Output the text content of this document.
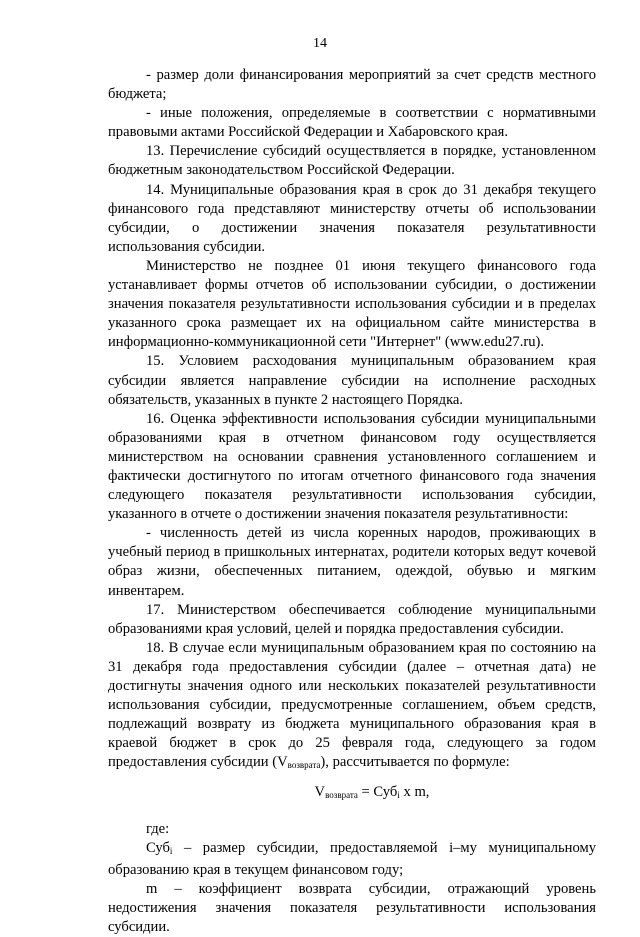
14

- размер доли финансирования мероприятий за счет средств местного бюджета;

- иные положения, определяемые в соответствии с нормативными правовыми актами Российской Федерации и Хабаровского края.

13. Перечисление субсидий осуществляется в порядке, установленном бюджетным законодательством Российской Федерации.

14. Муниципальные образования края в срок до 31 декабря текущего финансового года представляют министерству отчеты об использовании субсидии, о достижении значения показателя результативности использования субсидии.

Министерство не позднее 01 июня текущего финансового года устанавливает формы отчетов об использовании субсидии, о достижении значения показателя результативности использования субсидии и в пределах указанного срока размещает их на официальном сайте министерства в информационно-коммуникационной сети "Интернет" (www.edu27.ru).

15. Условием расходования муниципальным образованием края субсидии является направление субсидии на исполнение расходных обязательств, указанных в пункте 2 настоящего Порядка.

16. Оценка эффективности использования субсидии муниципальными образованиями края в отчетном финансовом году осуществляется министерством на основании сравнения установленного соглашением и фактически достигнутого по итогам отчетного финансового года значения следующего показателя результативности использования субсидии, указанного в отчете о достижении значения показателя результативности:

- численность детей из числа коренных народов, проживающих в учебный период в пришкольных интернатах, родители которых ведут кочевой образ жизни, обеспеченных питанием, одеждой, обувью и мягким инвентарем.

17. Министерством обеспечивается соблюдение муниципальными образованиями края условий, целей и порядка предоставления субсидии.

18. В случае если муниципальным образованием края по состоянию на 31 декабря года предоставления субсидии (далее – отчетная дата) не достигнуты значения одного или нескольких показателей результативности использования субсидии, предусмотренные соглашением, объем средств, подлежащий возврату из бюджета муниципального образования края в краевой бюджет в срок до 25 февраля года, следующего за годом предоставления субсидии $(V_{возврата})$, рассчитывается по формуле:

$V_{возврата} = Суб_i$ x m,

где:

Суб$_i$ – размер субсидии, предоставляемой i–му муниципальному образованию края в текущем финансовом году;

m – коэффициент возврата субсидии, отражающий уровень недостижения значения показателя результативности использования субсидии.
